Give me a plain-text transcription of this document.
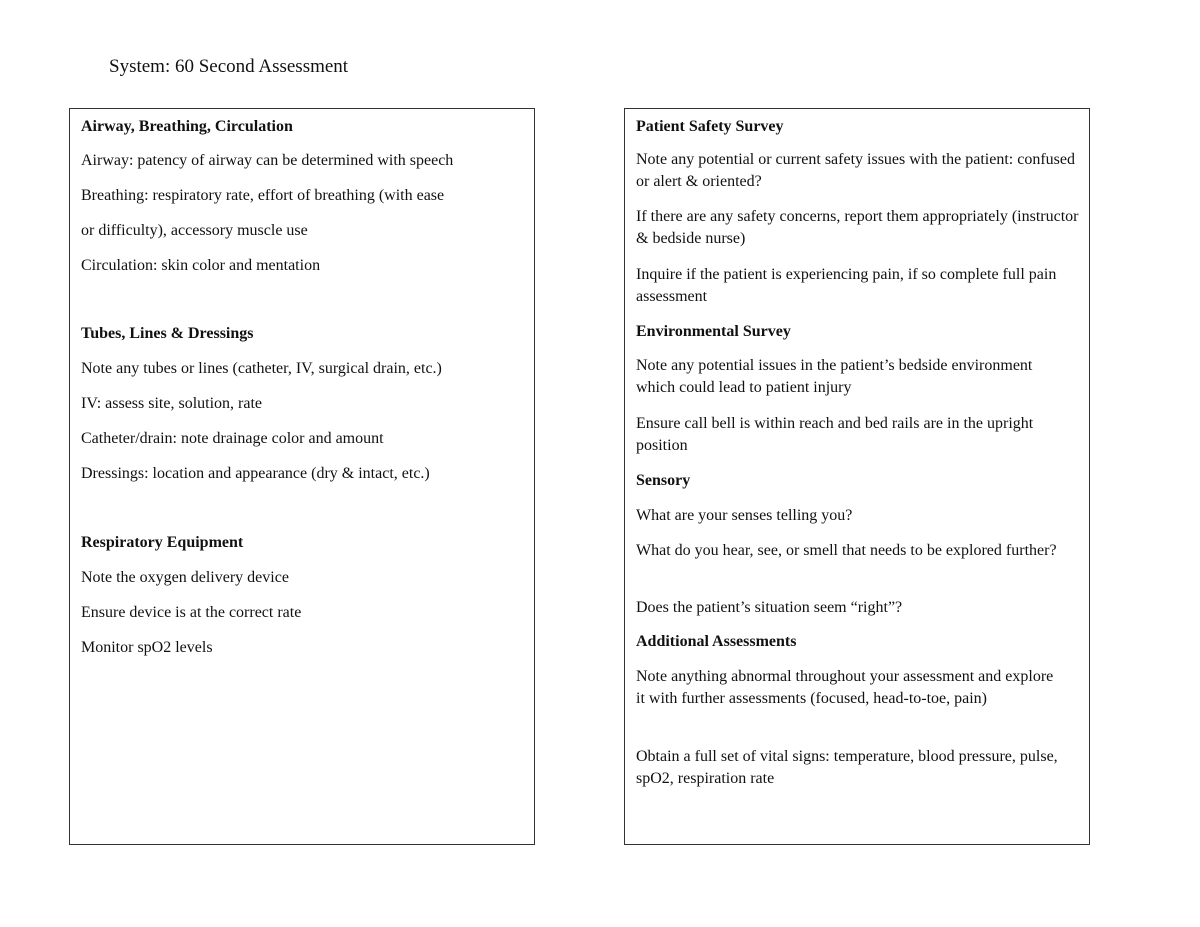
System: 60 Second Assessment
Airway, Breathing, Circulation
Airway: patency of airway can be determined with speech
Breathing: respiratory rate, effort of breathing (with ease
or difficulty), accessory muscle use
Circulation: skin color and mentation
Tubes, Lines & Dressings
Note any tubes or lines (catheter, IV, surgical drain, etc.)
IV: assess site, solution, rate
Catheter/drain: note drainage color and amount
Dressings: location and appearance (dry & intact, etc.)
Respiratory Equipment
Note the oxygen delivery device
Ensure device is at the correct rate
Monitor spO2 levels
Patient Safety Survey
Note any potential or current safety issues with the patient: confused or alert & oriented?
If there are any safety concerns, report them appropriately (instructor & bedside nurse)
Inquire if the patient is experiencing pain, if so complete full pain assessment
Environmental Survey
Note any potential issues in the patient’s bedside environment which could lead to patient injury
Ensure call bell is within reach and bed rails are in the upright position
Sensory
What are your senses telling you?
What do you hear, see, or smell that needs to be explored further?
Does the patient’s situation seem “right”?
Additional Assessments
Note anything abnormal throughout your assessment and explore it with further assessments (focused, head-to-toe, pain)
Obtain a full set of vital signs: temperature, blood pressure, pulse, spO2, respiration rate
